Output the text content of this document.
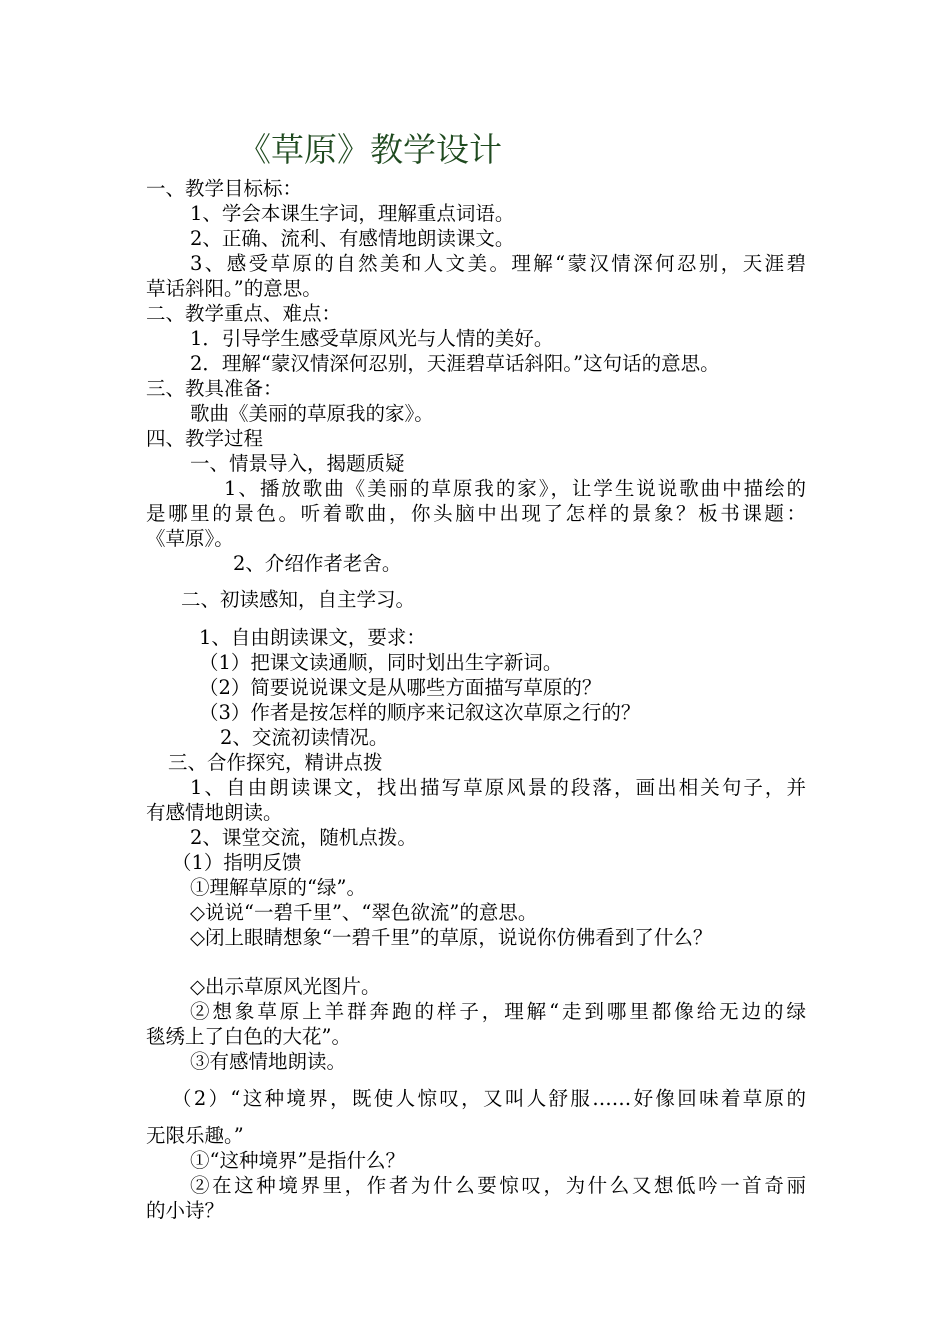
《草原》教学设计

一、教学目标标：

1、学会本课生字词，理解重点词语。

2、正确、流利、有感情地朗读课文。

3、感受草原的自然美和人文美。理解“蒙汉情深何忍别，天涯碧

草话斜阳。”的意思。

二、教学重点、难点：

1．引导学生感受草原风光与人情的美好。

2．理解“蒙汉情深何忍别，天涯碧草话斜阳。”这句话的意思。

三、教具准备：

歌曲《美丽的草原我的家》。

四、教学过程

一、情景导入，揭题质疑

1、播放歌曲《美丽的草原我的家》，让学生说说歌曲中描绘的

是哪里的景色。听着歌曲，你头脑中出现了怎样的景象？板书课题：

《草原》。

2、介绍作者老舍。

二、初读感知，自主学习。

1、自由朗读课文，要求：

（1）把课文读通顺，同时划出生字新词。

（2）简要说说课文是从哪些方面描写草原的？

（3）作者是按怎样的顺序来记叙这次草原之行的？

2、交流初读情况。

三、合作探究，精讲点拨

1、自由朗读课文，找出描写草原风景的段落，画出相关句子，并

有感情地朗读。

2、课堂交流，随机点拨。

（1）指明反馈

①理解草原的“绿”。

◇说说“一碧千里”、“翠色欲流”的意思。

◇闭上眼睛想象“一碧千里”的草原，说说你仿佛看到了什么？

◇出示草原风光图片。

②想象草原上羊群奔跑的样子，理解“走到哪里都像给无边的绿

毯绣上了白色的大花”。

③有感情地朗读。

（2）“这种境界，既使人惊叹，又叫人舒服……好像回味着草原的

无限乐趣。”

①“这种境界”是指什么？

②在这种境界里，作者为什么要惊叹，为什么又想低吟一首奇丽

的小诗？
